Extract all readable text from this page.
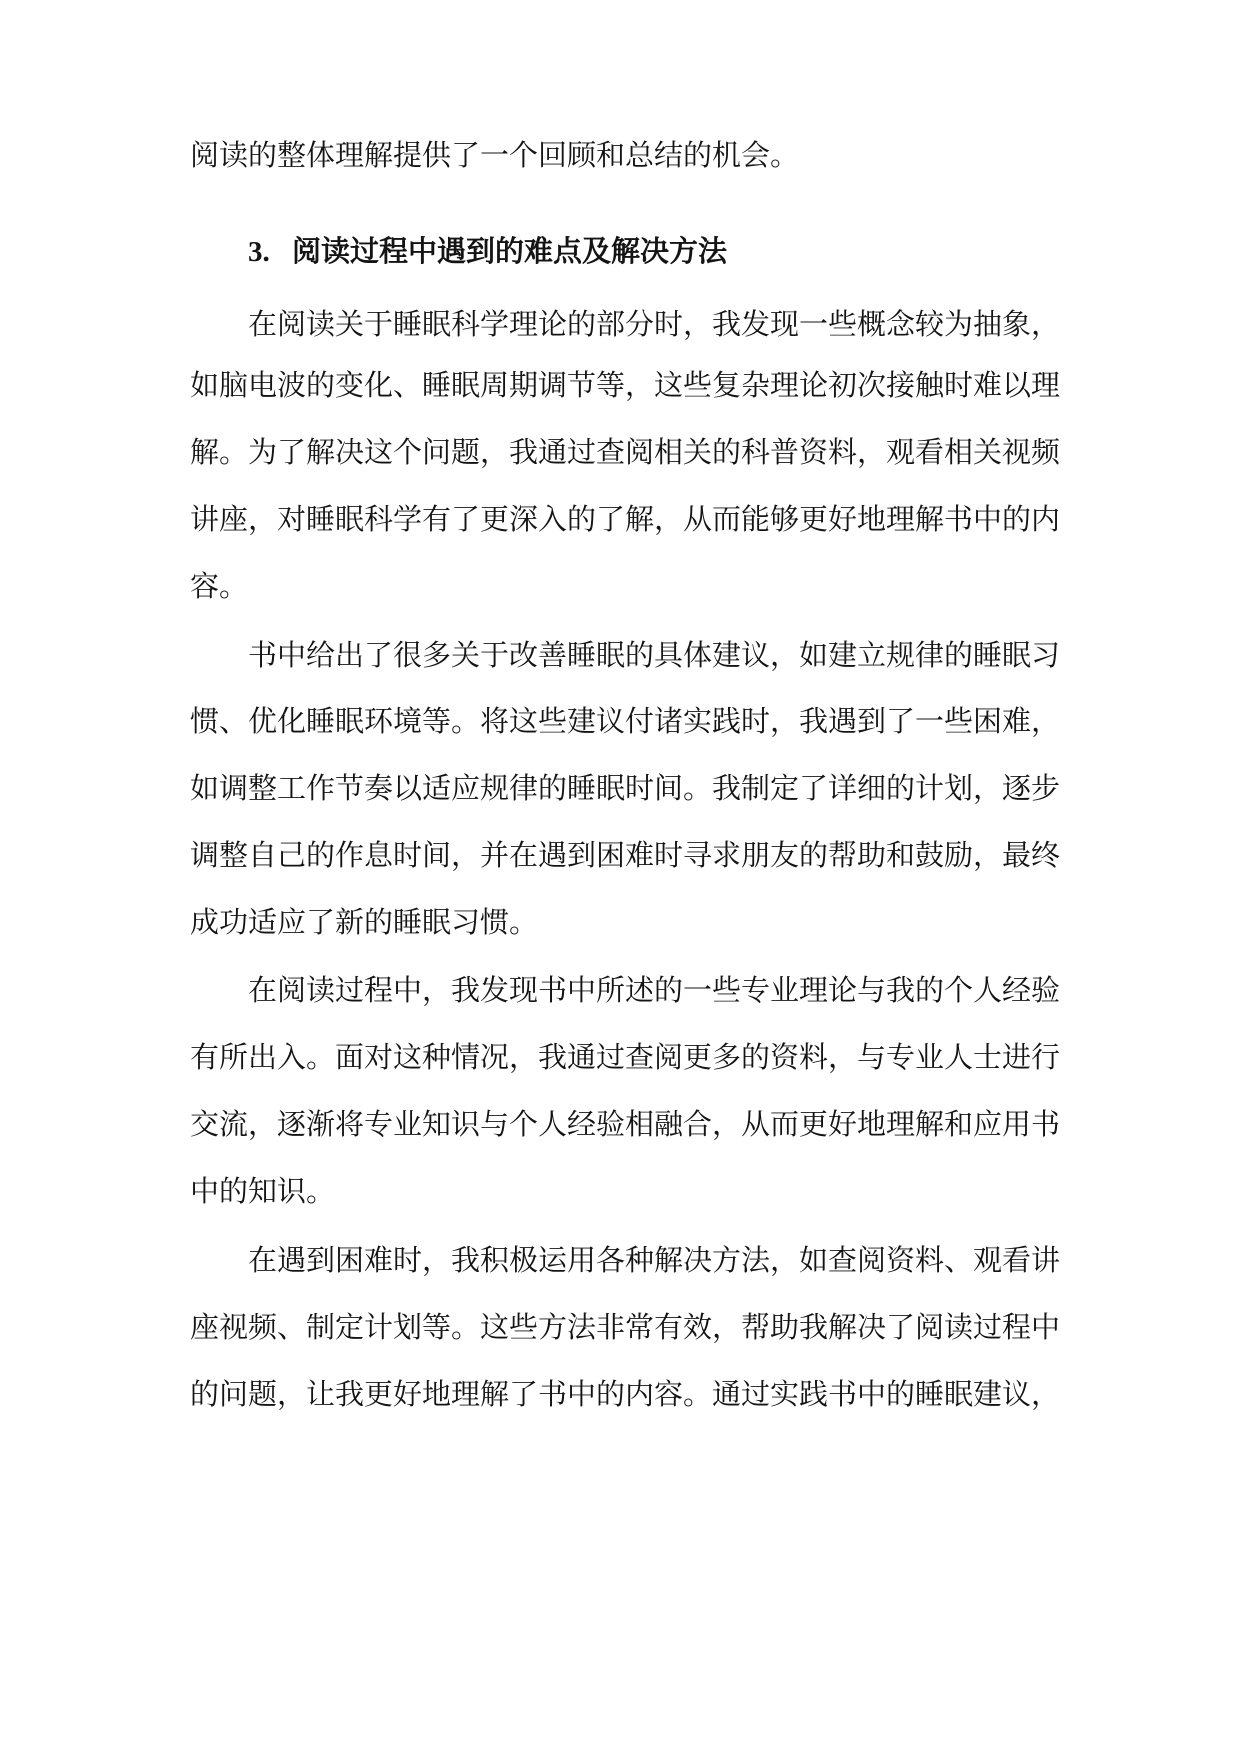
阅读的整体理解提供了一个回顾和总结的机会。

3. 阅读过程中遇到的难点及解决方法

在阅读关于睡眠科学理论的部分时，我发现一些概念较为抽象，

如脑电波的变化、睡眠周期调节等，这些复杂理论初次接触时难以理

解。为了解决这个问题，我通过查阅相关的科普资料，观看相关视频

讲座，对睡眠科学有了更深入的了解，从而能够更好地理解书中的内

容。

书中给出了很多关于改善睡眠的具体建议，如建立规律的睡眠习

惯、优化睡眠环境等。将这些建议付诸实践时，我遇到了一些困难，

如调整工作节奏以适应规律的睡眠时间。我制定了详细的计划，逐步

调整自己的作息时间，并在遇到困难时寻求朋友的帮助和鼓励，最终

成功适应了新的睡眠习惯。

在阅读过程中，我发现书中所述的一些专业理论与我的个人经验

有所出入。面对这种情况，我通过查阅更多的资料，与专业人士进行

交流，逐渐将专业知识与个人经验相融合，从而更好地理解和应用书

中的知识。

在遇到困难时，我积极运用各种解决方法，如查阅资料、观看讲

座视频、制定计划等。这些方法非常有效，帮助我解决了阅读过程中

的问题，让我更好地理解了书中的内容。通过实践书中的睡眠建议，
